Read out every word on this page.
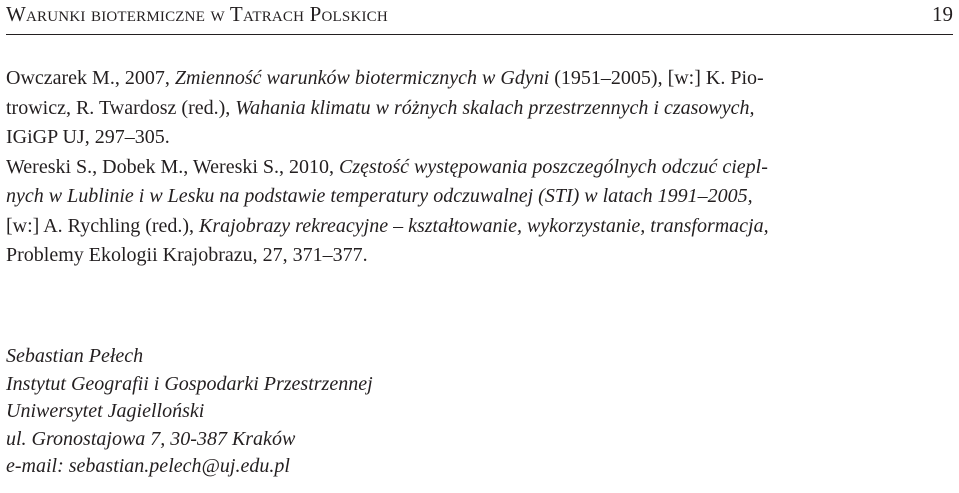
Warunki biotermiczne w Tatrach Polskich	19
Owczarek M., 2007, Zmienność warunków biotermicznych w Gdyni (1951–2005), [w:] K. Pio-
trowicz, R. Twardosz (red.), Wahania klimatu w różnych skalach przestrzennych i czasowych,
IGiGP UJ, 297–305.
Wereski S., Dobek M., Wereski S., 2010, Częstość występowania poszczególnych odczuć ciepl-
nych w Lublinie i w Lesku na podstawie temperatury odczuwalnej (STI) w latach 1991–2005,
[w:] A. Rychling (red.), Krajobrazy rekreacyjne – kształtowanie, wykorzystanie, transformacja,
Problemy Ekologii Krajobrazu, 27, 371–377.
Sebastian Pełech
Instytut Geografii i Gospodarki Przestrzennej
Uniwersytet Jagielloński
ul. Gronostajowa 7, 30-387 Kraków
e-mail: sebastian.pelech@uj.edu.pl
